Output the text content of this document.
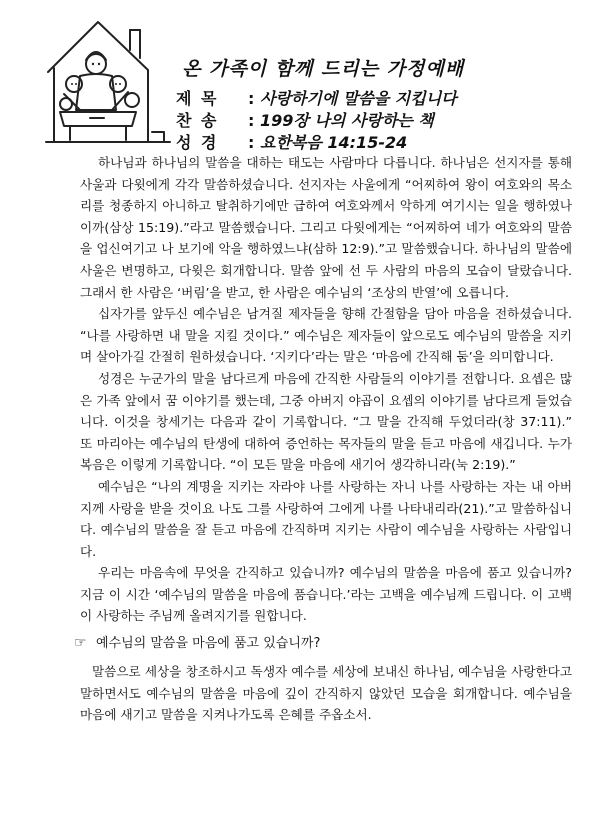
온 가족이 함께 드리는 가정예배
제 목	: 사랑하기에 말씀을 지킵니다
찬 송	: 199장 나의 사랑하는 책
성 경	: 요한복음 14:15-24

하나님과 하나님의 말씀을 대하는 태도는 사람마다 다릅니다. 하나님은 선지자를 통해 사울과 다윗에게 각각 말씀하셨습니다. 선지자는 사울에게 “어찌하여 왕이 여호와의 목소리를 청종하지 아니하고 탈취하기에만 급하여 여호와께서 악하게 여기시는 일을 행하였나이까(삼상 15:19).”라고 말씀했습니다. 그리고 다윗에게는 “어찌하여 네가 여호와의 말씀을 업신여기고 나 보기에 악을 행하였느냐(삼하 12:9).”고 말씀했습니다. 하나님의 말씀에 사울은 변명하고, 다윗은 회개합니다. 말씀 앞에 선 두 사람의 마음의 모습이 달랐습니다. 그래서 한 사람은 ‘버림’을 받고, 한 사람은 예수님의 ‘조상의 반열’에 오릅니다.

십자가를 앞두신 예수님은 남겨질 제자들을 향해 간절함을 담아 마음을 전하셨습니다. “나를 사랑하면 내 말을 지킬 것이다.” 예수님은 제자들이 앞으로도 예수님의 말씀을 지키며 살아가길 간절히 원하셨습니다. ‘지키다’라는 말은 ‘마음에 간직해 둠’을 의미합니다.

성경은 누군가의 말을 남다르게 마음에 간직한 사람들의 이야기를 전합니다. 요셉은 많은 가족 앞에서 꿈 이야기를 했는데, 그중 아버지 야곱이 요셉의 이야기를 남다르게 들었습니다. 이것을 창세기는 다음과 같이 기록합니다. “그 말을 간직해 두었더라(창 37:11).” 또 마리아는 예수님의 탄생에 대하여 증언하는 목자들의 말을 듣고 마음에 새깁니다. 누가복음은 이렇게 기록합니다. “이 모든 말을 마음에 새기어 생각하니라(눅 2:19).”

예수님은 “나의 계명을 지키는 자라야 나를 사랑하는 자니 나를 사랑하는 자는 내 아버지께 사랑을 받을 것이요 나도 그를 사랑하여 그에게 나를 나타내리라(21).”고 말씀하십니다. 예수님의 말씀을 잘 듣고 마음에 간직하며 지키는 사람이 예수님을 사랑하는 사람입니다.

우리는 마음속에 무엇을 간직하고 있습니까? 예수님의 말씀을 마음에 품고 있습니까? 지금 이 시간 ‘예수님의 말씀을 마음에 품습니다.’라는 고백을 예수님께 드립니다. 이 고백이 사랑하는 주님께 올려지기를 원합니다.

☞ 예수님의 말씀을 마음에 품고 있습니까?

말씀으로 세상을 창조하시고 독생자 예수를 세상에 보내신 하나님, 예수님을 사랑한다고 말하면서도 예수님의 말씀을 마음에 깊이 간직하지 않았던 모습을 회개합니다. 예수님을 마음에 새기고 말씀을 지켜나가도록 은혜를 주옵소서.
